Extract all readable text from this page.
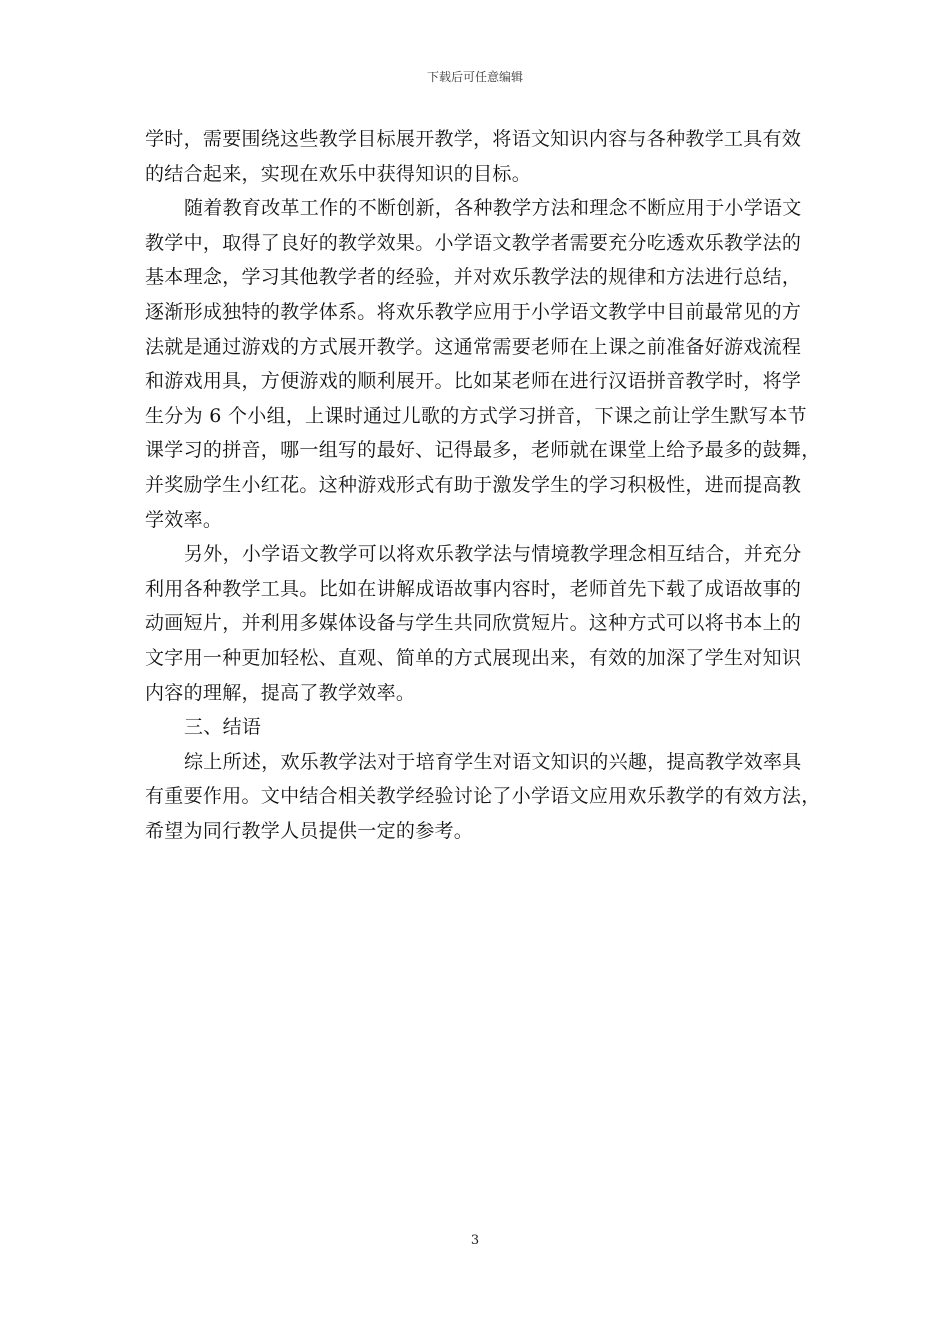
下载后可任意编辑
学时，需要围绕这些教学目标展开教学，将语文知识内容与各种教学工具有效
的结合起来，实现在欢乐中获得知识的目标。
随着教育改革工作的不断创新，各种教学方法和理念不断应用于小学语文
教学中，取得了良好的教学效果。小学语文教学者需要充分吃透欢乐教学法的
基本理念，学习其他教学者的经验，并对欢乐教学法的规律和方法进行总结，
逐渐形成独特的教学体系。将欢乐教学应用于小学语文教学中目前最常见的方
法就是通过游戏的方式展开教学。这通常需要老师在上课之前准备好游戏流程
和游戏用具，方便游戏的顺利展开。比如某老师在进行汉语拼音教学时，将学
生分为 6 个小组，上课时通过儿歌的方式学习拼音，下课之前让学生默写本节
课学习的拼音，哪一组写的最好、记得最多，老师就在课堂上给予最多的鼓舞，
并奖励学生小红花。这种游戏形式有助于激发学生的学习积极性，进而提高教
学效率。
另外，小学语文教学可以将欢乐教学法与情境教学理念相互结合，并充分
利用各种教学工具。比如在讲解成语故事内容时，老师首先下载了成语故事的
动画短片，并利用多媒体设备与学生共同欣赏短片。这种方式可以将书本上的
文字用一种更加轻松、直观、简单的方式展现出来，有效的加深了学生对知识
内容的理解，提高了教学效率。
三、结语
综上所述，欢乐教学法对于培育学生对语文知识的兴趣，提高教学效率具
有重要作用。文中结合相关教学经验讨论了小学语文应用欢乐教学的有效方法，
希望为同行教学人员提供一定的参考。
3
